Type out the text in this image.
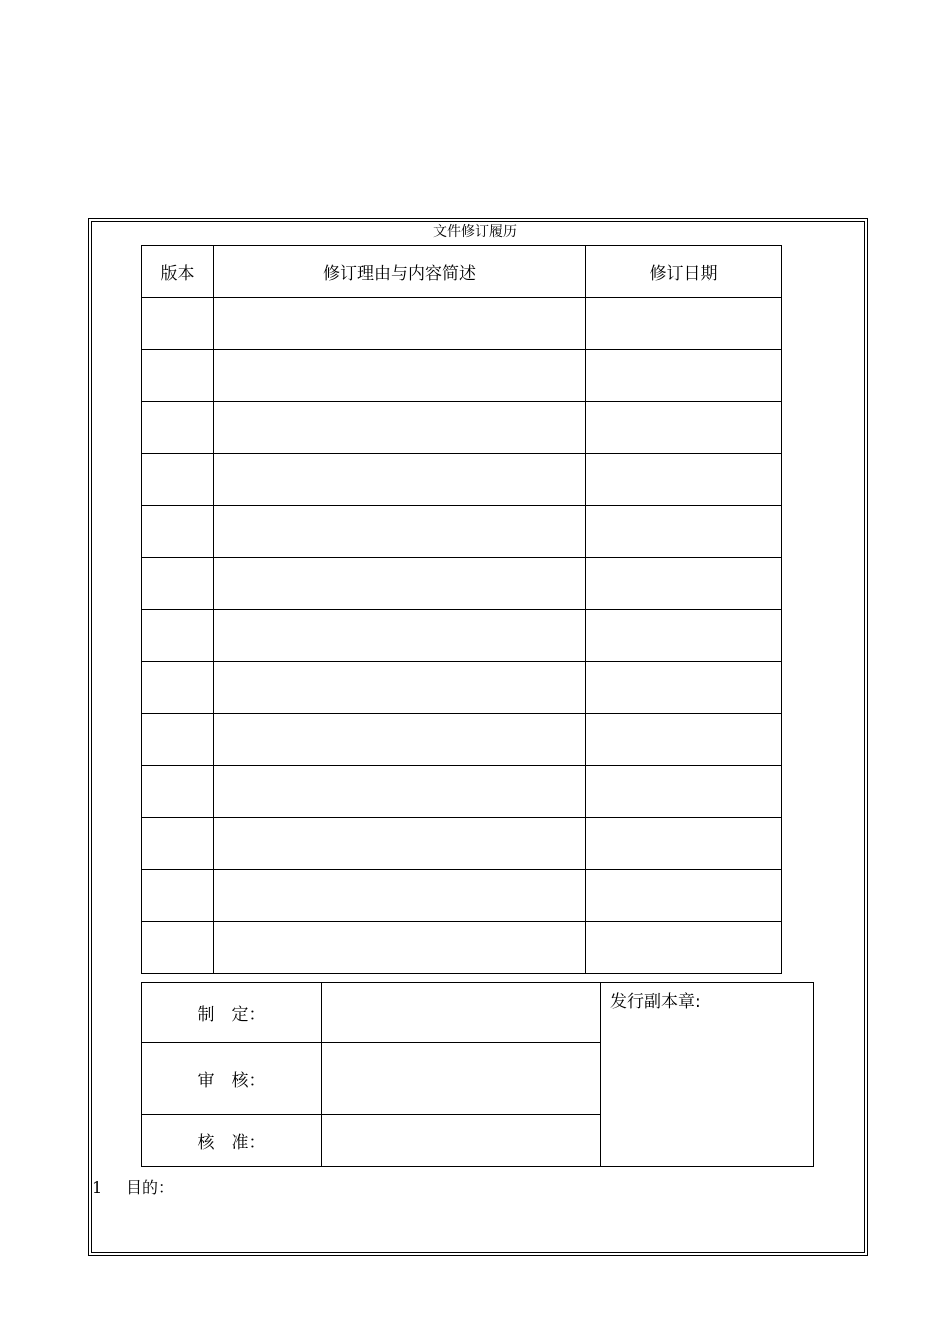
文件修订履历
版本	修订理由与内容简述	修订日期

制　定：		发行副本章:
审　核：		
核　准：		
1 目的：
